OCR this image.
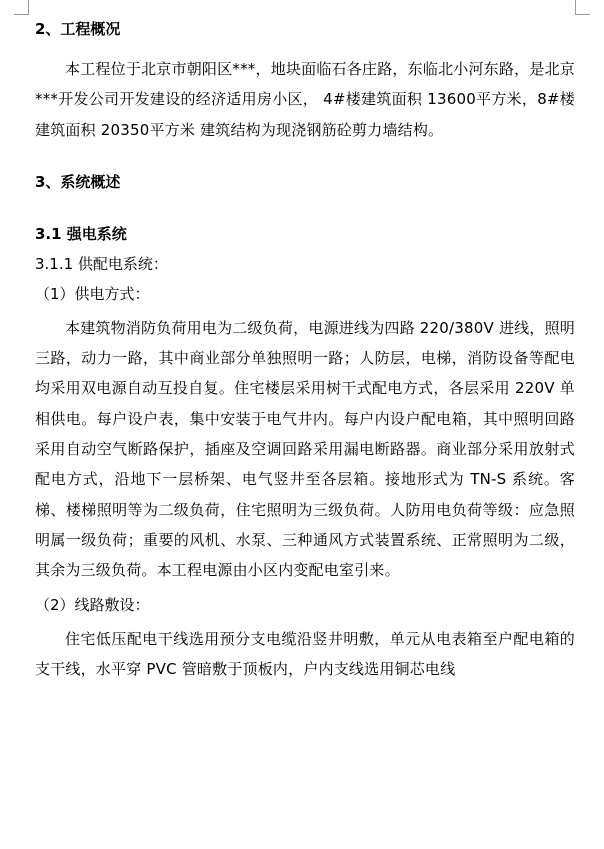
2、工程概况
本工程位于北京市朝阳区***，地块面临石各庄路，东临北小河东路，是北京***开发公司开发建设的经济适用房小区， 4#楼建筑面积 13600平方米，8#楼建筑面积 20350平方米 建筑结构为现浇钢筋砼剪力墙结构。
3、系统概述
3.1 强电系统
3.1.1 供配电系统：
（1）供电方式：
本建筑物消防负荷用电为二级负荷，电源进线为四路 220/380V 进线，照明三路，动力一路，其中商业部分单独照明一路；人防层，电梯，消防设备等配电均采用双电源自动互投自复。住宅楼层采用树干式配电方式，各层采用 220V 单相供电。每户设户表，集中安装于电气井内。每户内设户配电箱，其中照明回路采用自动空气断路保护，插座及空调回路采用漏电断路器。商业部分采用放射式配电方式，沿地下一层桥架、电气竖井至各层箱。接地形式为 TN-S 系统。客梯、楼梯照明等为二级负荷，住宅照明为三级负荷。人防用电负荷等级：应急照明属一级负荷；重要的风机、水泵、三种通风方式装置系统、正常照明为二级，其余为三级负荷。本工程电源由小区内变配电室引来。
（2）线路敷设：
住宅低压配电干线选用预分支电缆沿竖井明敷，单元从电表箱至户配电箱的支干线，水平穿 PVC 管暗敷于顶板内，户内支线选用铜芯电线
